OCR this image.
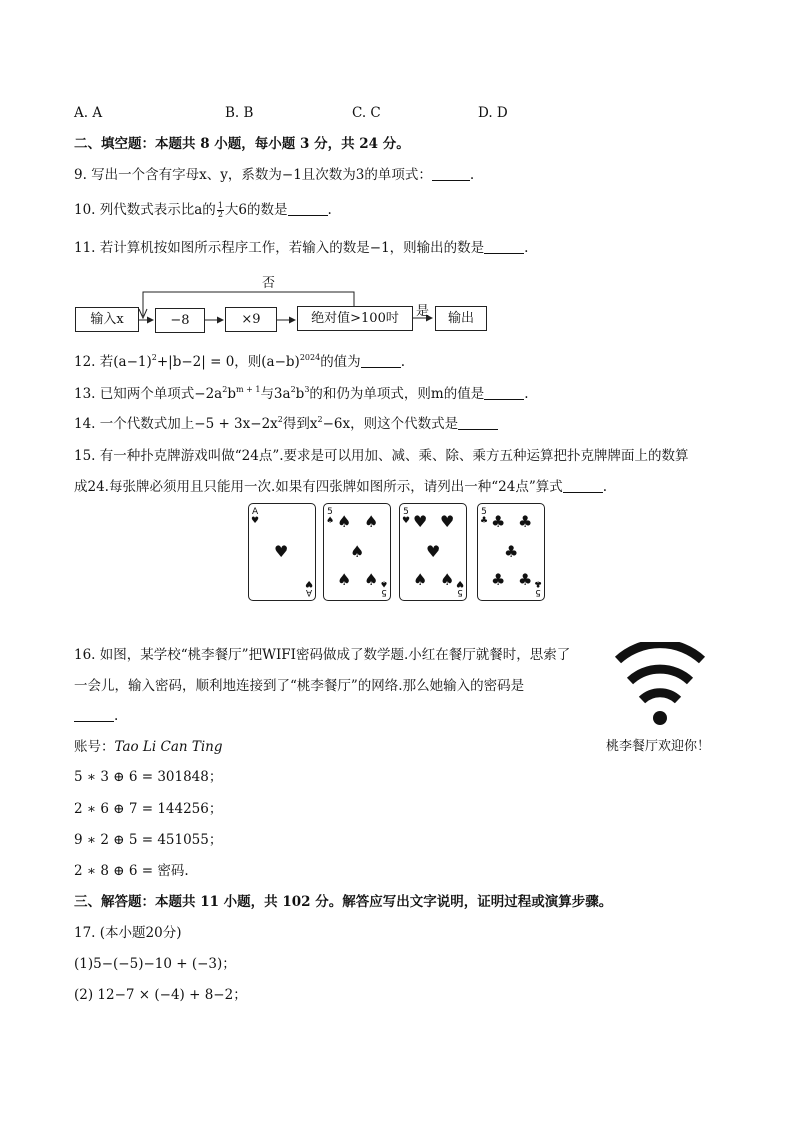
A. A	B. B	C. C	D. D
二、填空题：本题共 8 小题，每小题 3 分，共 24 分。
9. 写出一个含有字母x、y，系数为−1且次数为3的单项式：	.
10. 列代数式表示比a的 $\frac{1}{2}$ 大6的数是	.
11. 若计算机按如图所示程序工作，若输入的数是−1，则输出的数是	.
输入x	−8	×9	绝对值>100吋	输出
否
是
12. 若$(a-1)^2+|b-2| = 0$，则$(a-b)^{2024}$的值为	.
13. 已知两个单项式$-2a^2b^{m + 1}$与$3a^2b^3$的和仍为单项式，则m的值是	.
14. 一个代数式加上$-5 + 3x-2x^2$得到$x^2-6x$，则这个代数式是
15. 有一种扑克牌游戏叫做“24点”.要求是可以用加、减、乘、除、乘方五种运算把扑克牌牌面上的数算
成24.每张牌必须用且只能用一次.如果有四张牌如图所示，请列出一种“24点”算式	.
A
♥
♥
A
♥
5
♠ ♠ ♠
♠
♠ ♠
5
♠
5
♥ ♥ ♥
♥
♠ ♠
5
♥
5
♣ ♣ ♣
♣
♣ ♣
5
♣
16. 如图，某学校“桃李餐厅”把WIFI密码做成了数学题.小红在餐厅就餐时，思索了
一会儿，输入密码，顺利地连接到了“桃李餐厅”的网络.那么她输入的密码是
.
账号：Tao Li Can Ting
5 ∗ 3 ⊕ 6 = 301848；
2 ∗ 6 ⊕ 7 = 144256；
9 ∗ 2 ⊕ 5 = 451055；
2 ∗ 8 ⊕ 6 = 密码.
桃李餐厅欢迎你！
三、解答题：本题共 11 小题，共 102 分。解答应写出文字说明，证明过程或演算步骤。
17. (本小题20分)
(1)5−(−5)−10 + (−3)；
(2) 12−7 × (−4) + 8−2；
